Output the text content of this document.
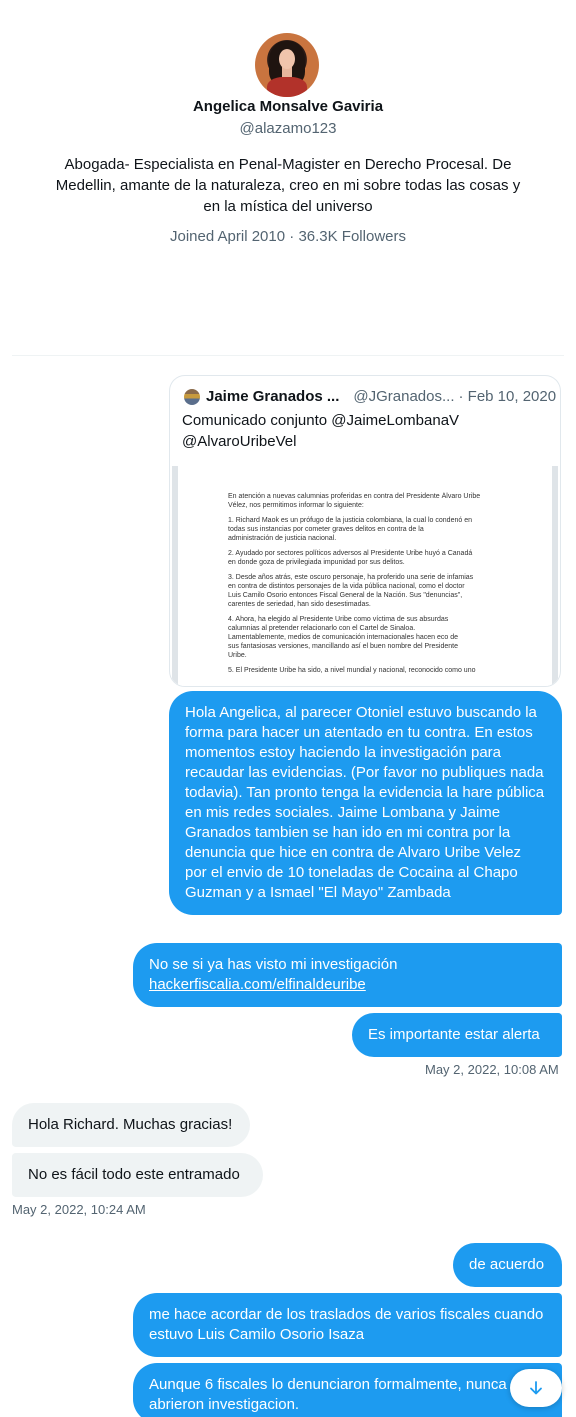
Angelica Monsalve Gaviria
@alazamo123
Abogada- Especialista en Penal-Magister en Derecho Procesal. De Medellin, amante de la naturaleza, creo en mi sobre todas las cosas y en la mística del universo
Joined April 2010 · 36.3K Followers
Jaime Granados ... @JGranados... · Feb 10, 2020
Comunicado conjunto @JaimeLombanaV @AlvaroUribeVel
En atención a nuevas calumnias proferidas en contra del Presidente Álvaro Uribe
Vélez, nos permitimos informar lo siguiente:
1. Richard Maok es un prófugo de la justicia colombiana, la cual lo condenó en
todas sus instancias por cometer graves delitos en contra de la
administración de justicia nacional.
2. Ayudado por sectores políticos adversos al Presidente Uribe huyó a Canadá
en donde goza de privilegiada impunidad por sus delitos.
3. Desde años atrás, este oscuro personaje, ha proferido una serie de infamias
en contra de distintos personajes de la vida pública nacional, como el doctor
Luis Camilo Osorio entonces Fiscal General de la Nación. Sus "denuncias",
carentes de seriedad, han sido desestimadas.
4. Ahora, ha elegido al Presidente Uribe como víctima de sus absurdas
calumnias al pretender relacionarlo con el Cartel de Sinaloa.
Lamentablemente, medios de comunicación internacionales hacen eco de
sus fantasiosas versiones, mancillando así el buen nombre del Presidente
Uribe.
5. El Presidente Uribe ha sido, a nivel mundial y nacional, reconocido como uno
Hola Angelica, al parecer Otoniel estuvo buscando la forma para hacer un atentado en tu contra. En estos momentos estoy haciendo la investigación para recaudar las evidencias. (Por favor no publiques nada todavia). Tan pronto tenga la evidencia la hare pública en mis redes sociales. Jaime Lombana y Jaime Granados tambien se han ido en mi contra por la denuncia que hice en contra de Alvaro Uribe Velez por el envio de 10 toneladas de Cocaina al Chapo Guzman y a Ismael "El Mayo" Zambada
No se si ya has visto mi investigación
hackerfiscalia.com/elfinaldeuribe
Es importante estar alerta
May 2, 2022, 10:08 AM
Hola Richard. Muchas gracias!
No es fácil todo este entramado
May 2, 2022, 10:24 AM
de acuerdo
me hace acordar de los traslados de varios fiscales cuando estuvo Luis Camilo Osorio Isaza
Aunque 6 fiscales lo denunciaron formalmente, nunca abrieron investigacion.
